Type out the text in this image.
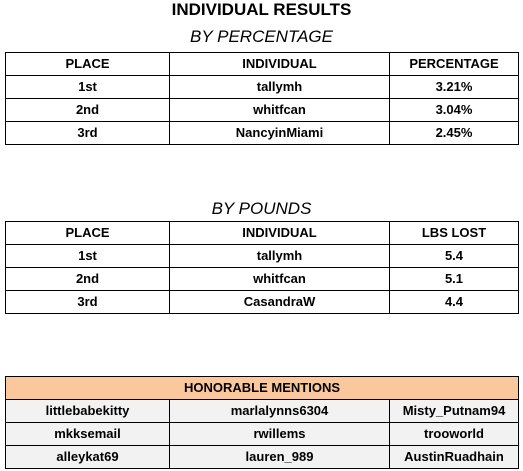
INDIVIDUAL RESULTS
BY PERCENTAGE
PLACE	INDIVIDUAL	PERCENTAGE
1st	tallymh	3.21%
2nd	whitfcan	3.04%
3rd	NancyinMiami	2.45%
BY POUNDS
PLACE	INDIVIDUAL	LBS LOST
1st	tallymh	5.4
2nd	whitfcan	5.1
3rd	CasandraW	4.4
HONORABLE MENTIONS		
littlebabekitty	marlalynns6304	Misty_Putnam94
mkksemail	rwillems	trooworld
alleykat69	lauren_989	AustinRuadhain
